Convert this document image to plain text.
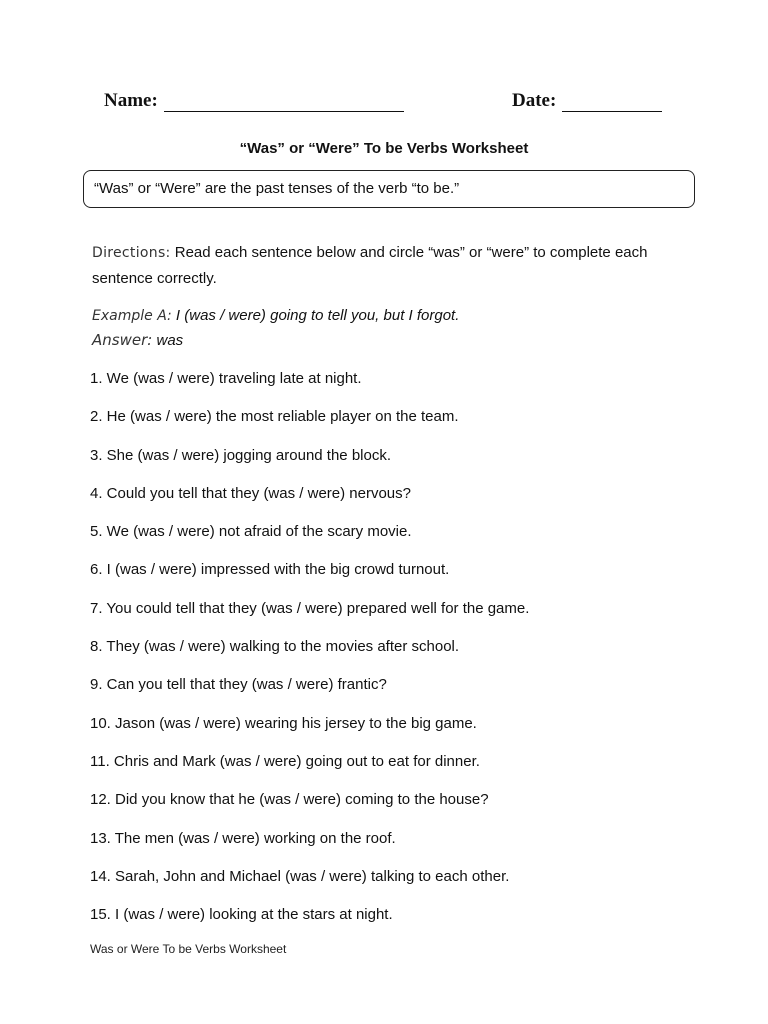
Name:	Date:
“Was” or “Were” To be Verbs Worksheet
“Was” or “Were” are the past tenses of the verb “to be.”
Directions: Read each sentence below and circle “was” or “were” to complete each sentence correctly.
Example A: I (was / were) going to tell you, but I forgot.
Answer: was
1. We (was / were) traveling late at night.
2. He (was / were) the most reliable player on the team.
3. She (was / were) jogging around the block.
4. Could you tell that they (was / were) nervous?
5. We (was / were) not afraid of the scary movie.
6. I (was / were) impressed with the big crowd turnout.
7. You could tell that they (was / were) prepared well for the game.
8. They (was / were) walking to the movies after school.
9. Can you tell that they (was / were) frantic?
10. Jason (was / were) wearing his jersey to the big game.
11. Chris and Mark (was / were) going out to eat for dinner.
12. Did you know that he (was / were) coming to the house?
13. The men (was / were) working on the roof.
14. Sarah, John and Michael (was / were) talking to each other.
15. I (was / were) looking at the stars at night.
Was or Were To be Verbs Worksheet
